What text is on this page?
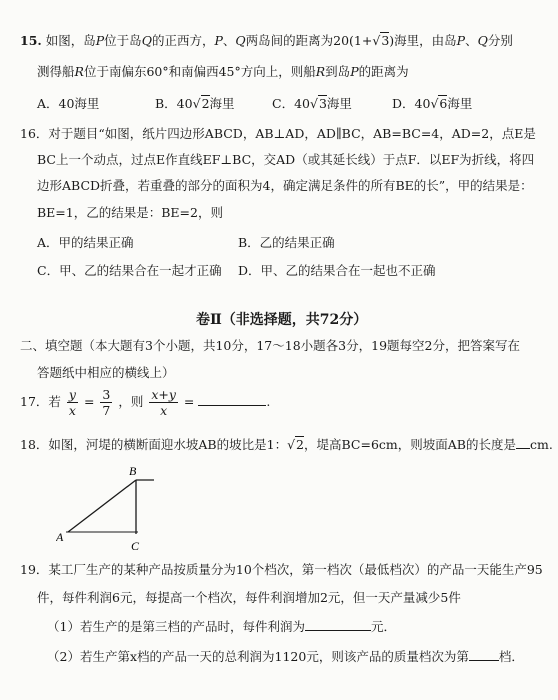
15. 如图，岛P位于岛Q的正西方，P、Q两岛间的距离为20(1+√3)海里，由岛P、Q分别
测得船R位于南偏东60°和南偏西45°方向上，则船R到岛P的距离为
A．40海里	B．40√2海里	C．40√3海里	D．40√6海里
16．对于题目“如图，纸片四边形ABCD，AB⊥AD，AD∥BC，AB=BC=4，AD=2，点E是
BC上一个动点，过点E作直线EF⊥BC，交AD（或其延长线）于点F．以EF为折线，将四
边形ABCD折叠，若重叠的部分的面积为4，确定满足条件的所有BE的长”，甲的结果是：
BE=1，乙的结果是：BE=2，则
A．甲的结果正确	B．乙的结果正确
C．甲、乙的结果合在一起才正确 D．甲、乙的结果合在一起也不正确
卷Ⅱ（非选择题，共72分）
二、填空题（本大题有3个小题，共10分，17～18小题各3分，19题每空2分，把答案写在
答题纸中相应的横线上）
17．若 $\frac{y}{x} = \frac{3}{7}$ ，则 $\frac{x+y}{x}$ =	.
18．如图，河堤的横断面迎水坡AB的坡比是1：√2，堤高BC=6cm，则坡面AB的长度是 cm.
A
B
C
19．某工厂生产的某种产品按质量分为10个档次，第一档次（最低档次）的产品一天能生产95
件，每件利润6元，每提高一个档次，每件利润增加2元，但一天产量减少5件
（1）若生产的是第三档的产品时，每件利润为	元．
（2）若生产第x档的产品一天的总利润为1120元，则该产品的质量档次为第 档．
